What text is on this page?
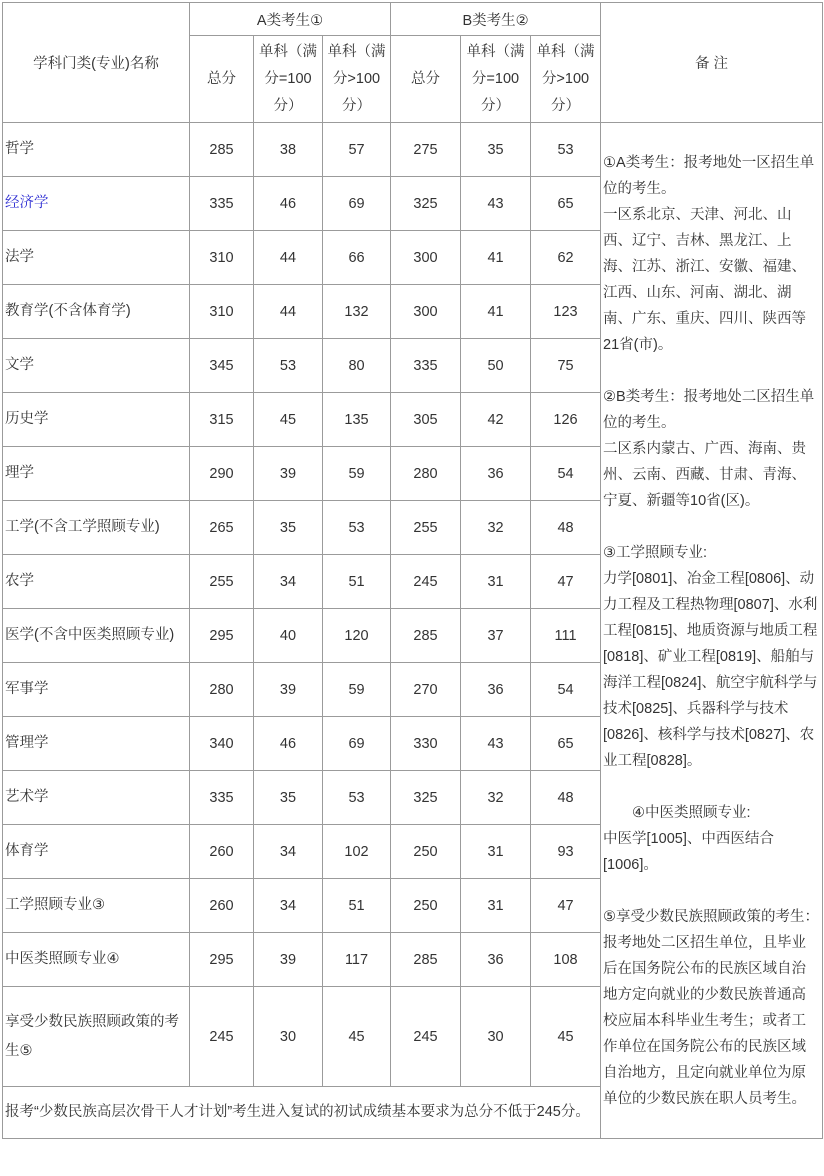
学科门类(专业)名称	A类考生①			B类考生②			备 注
	总分	单科（满分=100分）	单科（满分>100分）	总分	单科（满分=100分）	单科（满分>100分）	
哲学	285	38	57	275	35	53	

①A类考生：报考地处一区招生单位的考生。

一区系北京、天津、河北、山西、辽宁、吉林、黑龙江、上海、江苏、浙江、安徽、福建、江西、山东、河南、湖北、湖南、广东、重庆、四川、陕西等21省(市)。

②B类考生：报考地处二区招生单位的考生。

二区系内蒙古、广西、海南、贵州、云南、西藏、甘肃、青海、宁夏、新疆等10省(区)。

③工学照顾专业:

力学[0801]、冶金工程[0806]、动力工程及工程热物理[0807]、水利工程[0815]、地质资源与地质工程[0818]、矿业工程[0819]、船舶与海洋工程[0824]、航空宇航科学与技术[0825]、兵器科学与技术[0826]、核科学与技术[0827]、农业工程[0828]。

　　④中医类照顾专业:

中医学[1005]、中西医结合[1006]。

⑤享受少数民族照顾政策的考生：报考地处二区招生单位，且毕业后在国务院公布的民族区域自治地方定向就业的少数民族普通高校应届本科毕业生考生；或者工作单位在国务院公布的民族区域自治地方，且定向就业单位为原单位的少数民族在职人员考生。

经济学	335	46	69	325	43	65	
法学	310	44	66	300	41	62	
教育学(不含体育学)	310	44	132	300	41	123	
文学	345	53	80	335	50	75	
历史学	315	45	135	305	42	126	
理学	290	39	59	280	36	54	
工学(不含工学照顾专业)	265	35	53	255	32	48	
农学	255	34	51	245	31	47	
医学(不含中医类照顾专业)	295	40	120	285	37	111	
军事学	280	39	59	270	36	54	
管理学	340	46	69	330	43	65	
艺术学	335	35	53	325	32	48	
体育学	260	34	102	250	31	93	
工学照顾专业③	260	34	51	250	31	47	
中医类照顾专业④	295	39	117	285	36	108	
享受少数民族照顾政策的考生⑤	245	30	45	245	30	45	
报考“少数民族高层次骨干人才计划”考生进入复试的初试成绩基本要求为总分不低于245分。							
